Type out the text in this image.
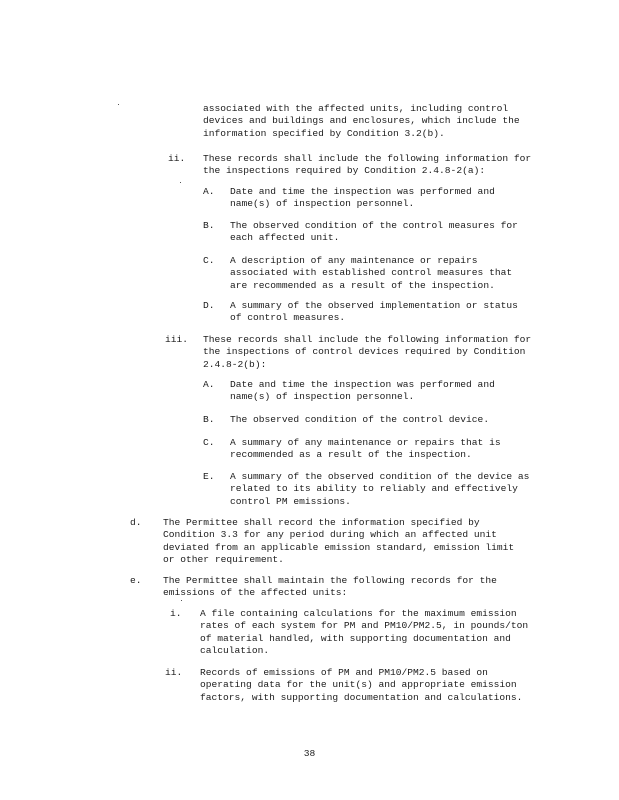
associated with the affected units, including control
devices and buildings and enclosures, which include the
information specified by Condition 3.2(b).
ii. These records shall include the following information for
the inspections required by Condition 2.4.8-2(a):
A. Date and time the inspection was performed and
name(s) of inspection personnel.
B. The observed condition of the control measures for
each affected unit.
C. A description of any maintenance or repairs
associated with established control measures that
are recommended as a result of the inspection.
D. A summary of the observed implementation or status
of control measures.
iii. These records shall include the following information for
the inspections of control devices required by Condition
2.4.8-2(b):
A. Date and time the inspection was performed and
name(s) of inspection personnel.
B. The observed condition of the control device.
C. A summary of any maintenance or repairs that is
recommended as a result of the inspection.
E. A summary of the observed condition of the device as
related to its ability to reliably and effectively
control PM emissions.
d. The Permittee shall record the information specified by
Condition 3.3 for any period during which an affected unit
deviated from an applicable emission standard, emission limit
or other requirement.
e. The Permittee shall maintain the following records for the
emissions of the affected units:
i. A file containing calculations for the maximum emission
rates of each system for PM and PM10/PM2.5, in pounds/ton
of material handled, with supporting documentation and
calculation.
ii. Records of emissions of PM and PM10/PM2.5 based on
operating data for the unit(s) and appropriate emission
factors, with supporting documentation and calculations.
38
